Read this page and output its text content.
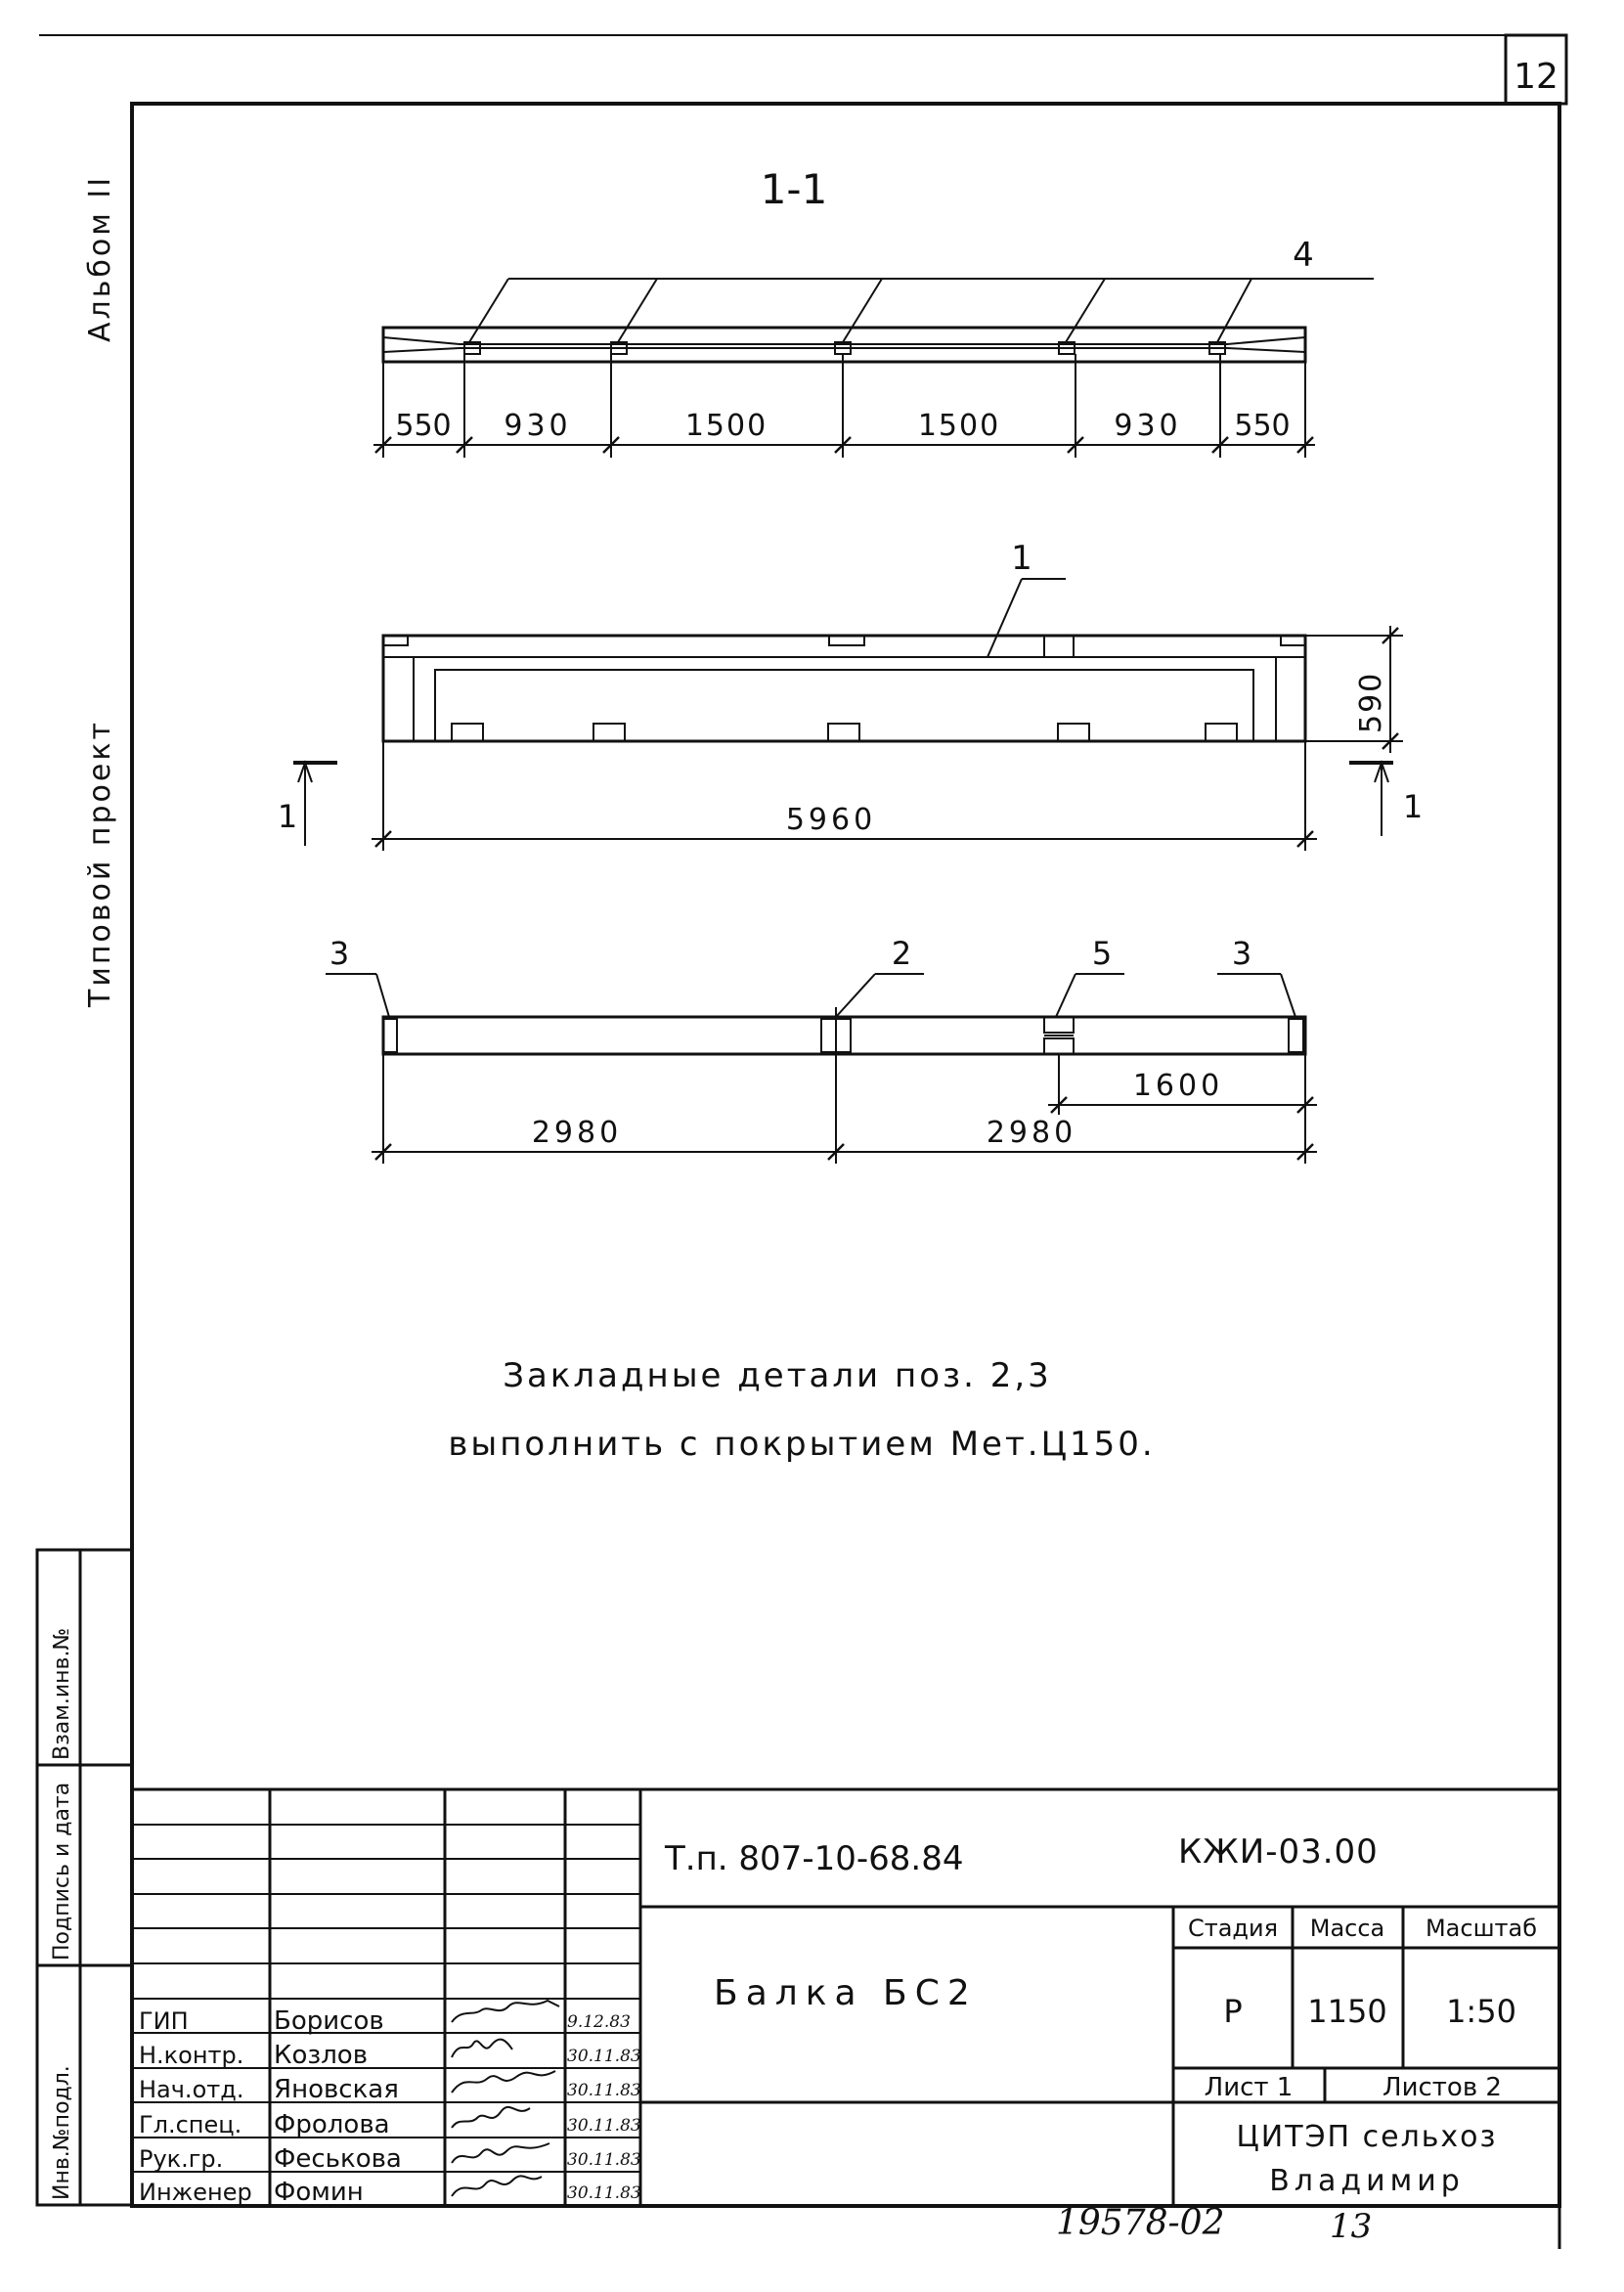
12
Альбом II
Типовой проект
Инв.№подл.
Подпись и дата
Взам.инв.№
1-1
4
550 930	1500	1500	930 550
1
590
5960
1	1
3	2	5	3
1600
2980	2980
Закладные детали поз. 2,3
выполнить с покрытием Мет.Ц150.
Т.п. 807-10-68.84	КЖИ-03.00
Балка БС2
Стадия Масса Масштаб
Р 1150 1:50
Лист 1	Листов 2
ЦИТЭП сельхоз
Владимир
ГИП	Борисов	9.12.83
Н.контр. Козлов	30.11.83
Нач.отд. Яновская	30.11.83
Гл.спец. Фролова	30.11.83
Рук.гр. Феськова	30.11.83
Инженер Фомин	30.11.83
19578-02	13
